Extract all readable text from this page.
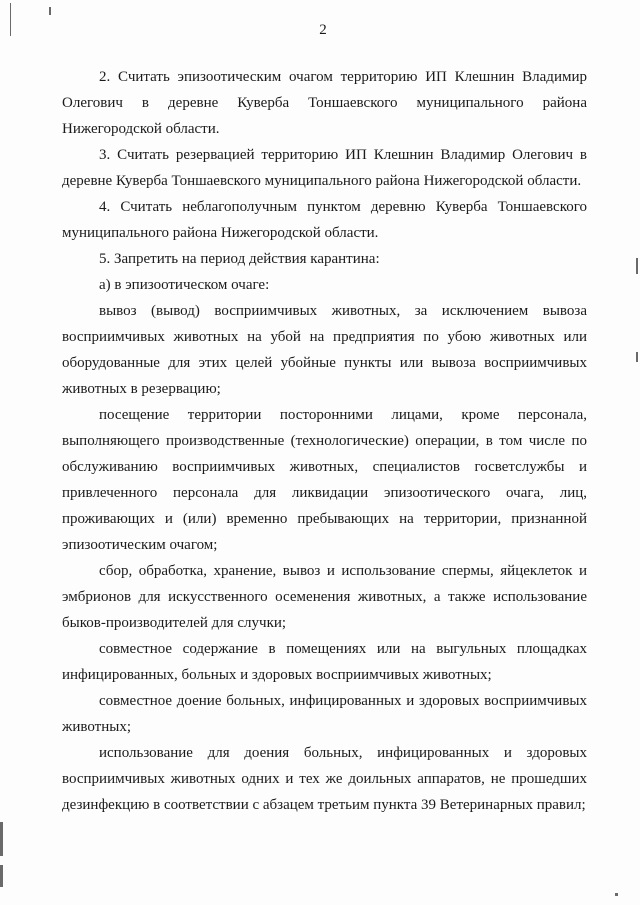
2

2. Считать эпизоотическим очагом территорию ИП Клешнин Владимир Олегович в деревне Куверба Тоншаевского муниципального района Нижегородской области.

3. Считать резервацией территорию ИП Клешнин Владимир Олегович в деревне Куверба Тоншаевского муниципального района Нижегородской области.

4. Считать неблагополучным пунктом деревню Куверба Тоншаевского муниципального района Нижегородской области.

5. Запретить на период действия карантина:

а) в эпизоотическом очаге:

вывоз (вывод) восприимчивых животных, за исключением вывоза восприимчивых животных на убой на предприятия по убою животных или оборудованные для этих целей убойные пункты или вывоза восприимчивых животных в резервацию;

посещение территории посторонними лицами, кроме персонала, выполняющего производственные (технологические) операции, в том числе по обслуживанию восприимчивых животных, специалистов госветслужбы и привлеченного персонала для ликвидации эпизоотического очага, лиц, проживающих и (или) временно пребывающих на территории, признанной эпизоотическим очагом;

сбор, обработка, хранение, вывоз и использование спермы, яйцеклеток и эмбрионов для искусственного осеменения животных, а также использование быков-производителей для случки;

совместное содержание в помещениях или на выгульных площадках инфицированных, больных и здоровых восприимчивых животных;

совместное доение больных, инфицированных и здоровых восприимчивых животных;

использование для доения больных, инфицированных и здоровых восприимчивых животных одних и тех же доильных аппаратов, не прошедших дезинфекцию в соответствии с абзацем третьим пункта 39 Ветеринарных правил;
